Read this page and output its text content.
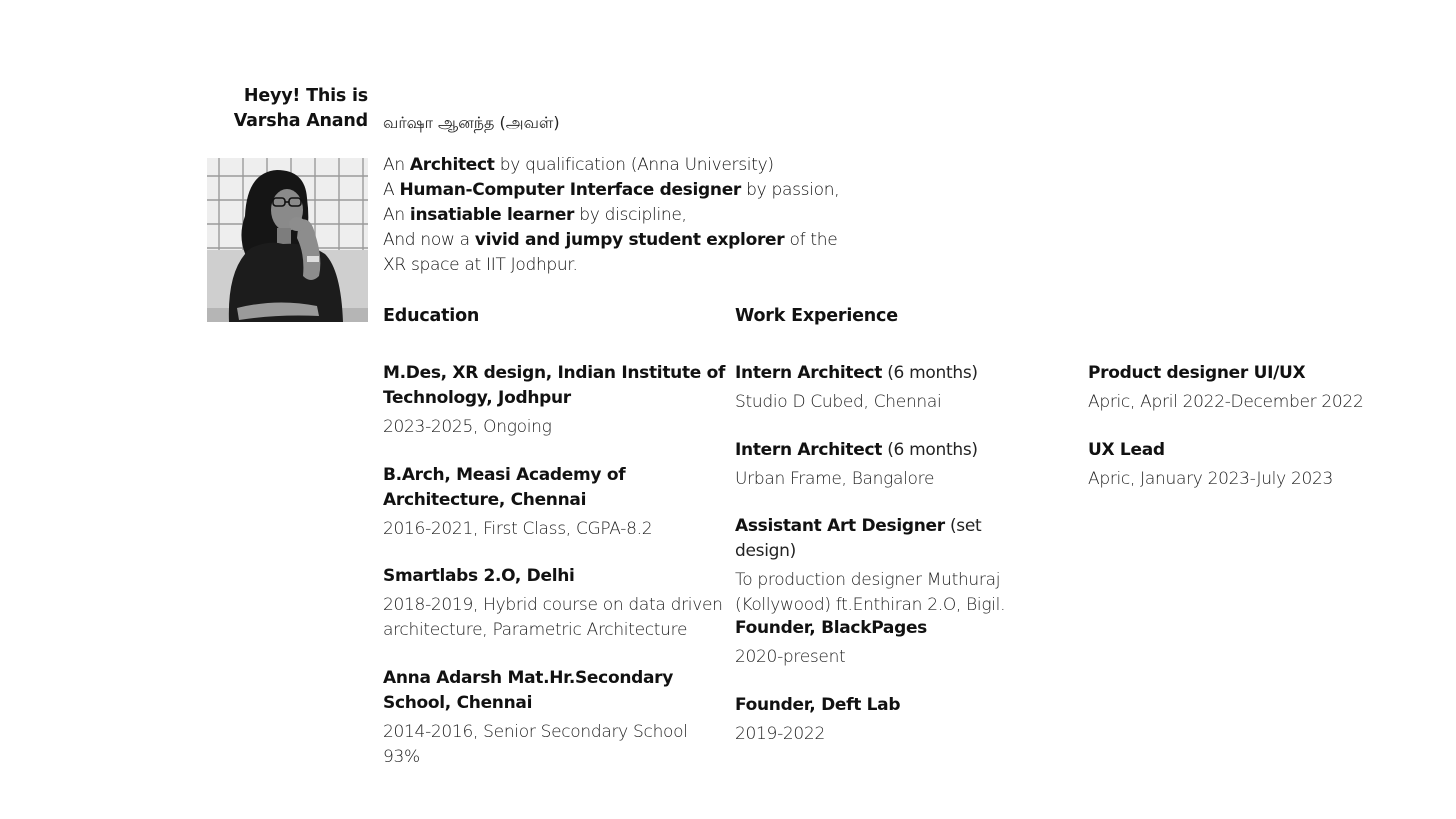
Heyy! This is
Varsha Anand வர்ஷா ஆனந்த (அவள்)

An Architect by qualification (Anna University)

A Human-Computer Interface designer by passion,

An insatiable learner by discipline,

And now a vivid and jumpy student explorer of the

XR space at IIT Jodhpur.

Education	Work Experience
M.Des, XR design, Indian Institute of Technology, Jodhpur
2023-2025, Ongoing
B.Arch, Measi Academy of Architecture, Chennai
2016-2021, First Class, CGPA-8.2
Smartlabs 2.O, Delhi
2018-2019, Hybrid course on data driven architecture, Parametric Architecture
Anna Adarsh Mat.Hr.Secondary School, Chennai
2014-2016, Senior Secondary School 93%
Intern Architect (6 months)
Studio D Cubed, Chennai
Intern Architect (6 months)
Urban Frame, Bangalore
Assistant Art Designer (set design)
To production designer Muthuraj (Kollywood) ft.Enthiran 2.O, Bigil.
Founder, BlackPages
2020-present
Founder, Deft Lab
2019-2022
Product designer UI/UX
Apric, April 2022-December 2022
UX Lead
Apric, January 2023-July 2023
